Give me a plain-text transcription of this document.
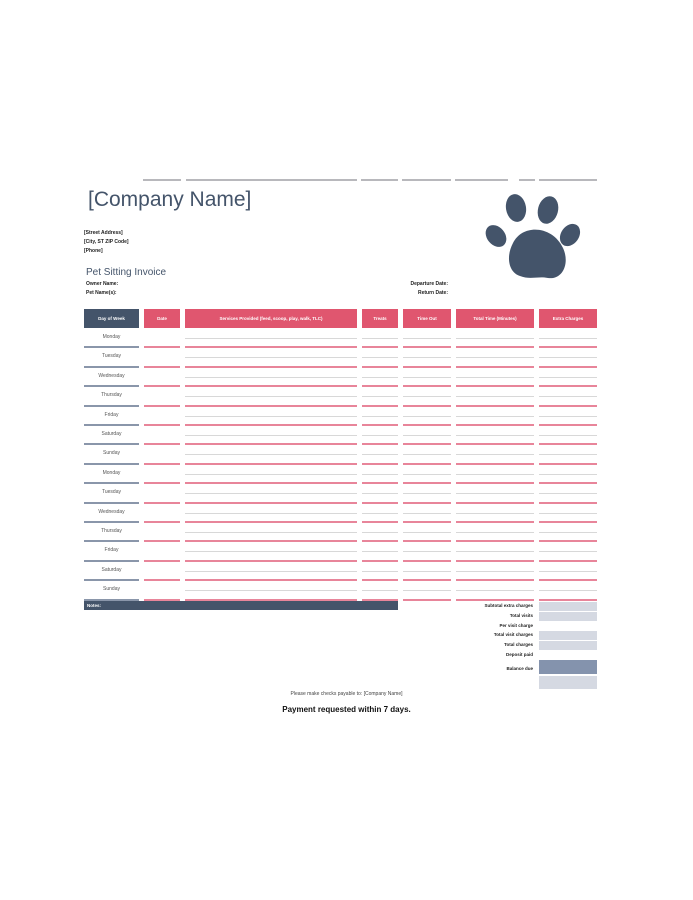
[Company Name]
[Street Address]
[City, ST ZIP Code]
[Phone]
Pet Sitting Invoice
Owner Name:
Pet Name(s):
Departure Date:
Return Date:
Day of Week	Date	Services Provided (feed, scoop, play, walk, TLC)	Treats	Time Out	Total Time (Minutes)	Extra Charges
Monday
Tuesday
Wednesday
Thursday
Friday
Saturday
Sunday
Monday
Tuesday
Wednesday
Thursday
Friday
Saturday
Sunday
Notes:	Subtotal extra charges
Total visits
Per visit charge
Total visit charges
Total charges
Deposit paid
Balance due
Please make checks payable to: [Company Name]
Payment requested within 7 days.
